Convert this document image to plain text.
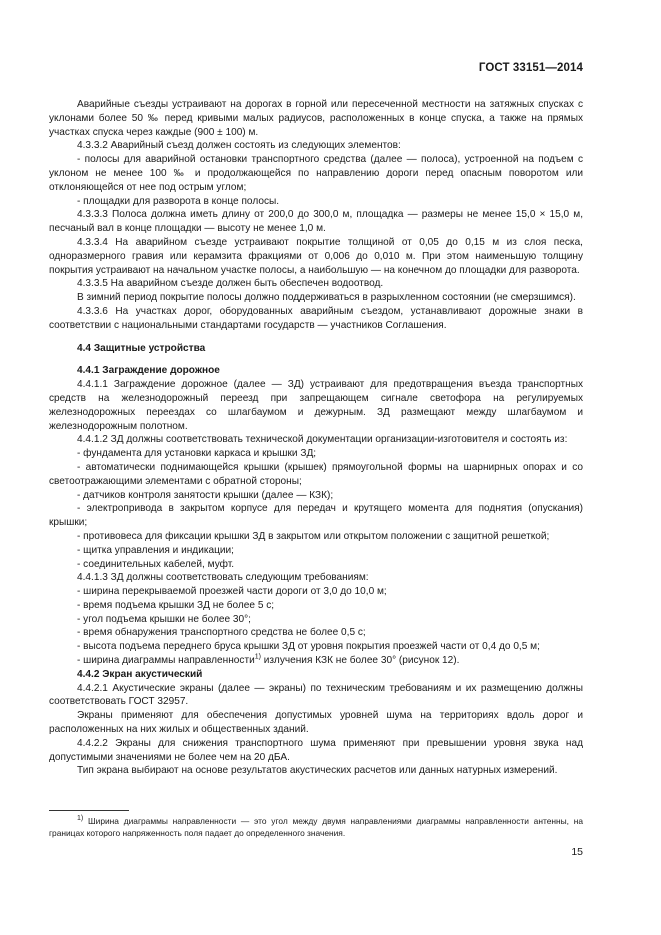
ГОСТ 33151—2014

Аварийные съезды устраивают на дорогах в горной или пересеченной местности на затяжных спусках с уклонами более 50 ‰ перед кривыми малых радиусов, расположенных в конце спуска, а также на прямых участках спуска через каждые (900 ± 100) м.

4.3.3.2 Аварийный съезд должен состоять из следующих элементов:

- полосы для аварийной остановки транспортного средства (далее — полоса), устроенной на подъем с уклоном не менее 100 ‰ и продолжающейся по направлению дороги перед опасным поворотом или отклоняющейся от нее под острым углом;

- площадки для разворота в конце полосы.

4.3.3.3 Полоса должна иметь длину от 200,0 до 300,0 м, площадка — размеры не менее 15,0 × 15,0 м, песчаный вал в конце площадки — высоту не менее 1,0 м.

4.3.3.4 На аварийном съезде устраивают покрытие толщиной от 0,05 до 0,15 м из слоя песка, одноразмерного гравия или керамзита фракциями от 0,006 до 0,010 м. При этом наименьшую толщину покрытия устраивают на начальном участке полосы, а наибольшую — на конечном до площадки для разворота.

4.3.3.5 На аварийном съезде должен быть обеспечен водоотвод.

В зимний период покрытие полосы должно поддерживаться в разрыхленном состоянии (не смерзшимся).

4.3.3.6 На участках дорог, оборудованных аварийным съездом, устанавливают дорожные знаки в соответствии с национальными стандартами государств — участников Соглашения.

4.4 Защитные устройства

4.4.1 Заграждение дорожное

4.4.1.1 Заграждение дорожное (далее — ЗД) устраивают для предотвращения въезда транспортных средств на железнодорожный переезд при запрещающем сигнале светофора на регулируемых железнодорожных переездах со шлагбаумом и дежурным. ЗД размещают между шлагбаумом и железнодорожным полотном.

4.4.1.2 ЗД должны соответствовать технической документации организации-изготовителя и состоять из:

- фундамента для установки каркаса и крышки ЗД;

- автоматически поднимающейся крышки (крышек) прямоугольной формы на шарнирных опорах и со светоотражающими элементами с обратной стороны;

- датчиков контроля занятости крышки (далее — КЗК);

- электропривода в закрытом корпусе для передач и крутящего момента для поднятия (опускания) крышки;

- противовеса для фиксации крышки ЗД в закрытом или открытом положении с защитной решеткой;

- щитка управления и индикации;

- соединительных кабелей, муфт.

4.4.1.3 ЗД должны соответствовать следующим требованиям:

- ширина перекрываемой проезжей части дороги от 3,0 до 10,0 м;

- время подъема крышки ЗД не более 5 с;

- угол подъема крышки не более 30°;

- время обнаружения транспортного средства не более 0,5 с;

- высота подъема переднего бруса крышки ЗД от уровня покрытия проезжей части от 0,4 до 0,5 м;

- ширина диаграммы направленности$^{1)}$ излучения КЗК не более 30° (рисунок 12).

4.4.2 Экран акустический

4.4.2.1 Акустические экраны (далее — экраны) по техническим требованиям и их размещению должны соответствовать ГОСТ 32957.

Экраны применяют для обеспечения допустимых уровней шума на территориях вдоль дорог и расположенных на них жилых и общественных зданий.

4.4.2.2 Экраны для снижения транспортного шума применяют при превышении уровня звука над допустимыми значениями не более чем на 20 дБА.

Тип экрана выбирают на основе результатов акустических расчетов или данных натурных измерений.

$^{1)}$ Ширина диаграммы направленности — это угол между двумя направлениями диаграммы направленности антенны, на границах которого напряженность поля падает до определенного значения.

15
